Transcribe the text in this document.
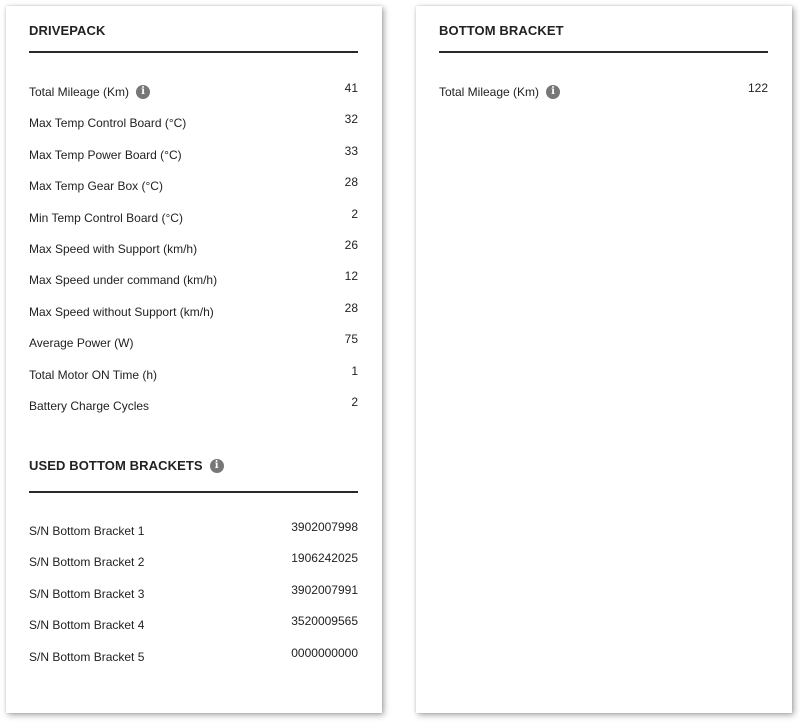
DRIVEPACK
Total Mileage (Km)	i	41
Max Temp Control Board (°C)	32
Max Temp Power Board (°C)	33
Max Temp Gear Box (°C)	28
Min Temp Control Board (°C)	2
Max Speed with Support (km/h)	26
Max Speed under command (km/h)	12
Max Speed without Support (km/h)	28
Average Power (W)	75
Total Motor ON Time (h)	1
Battery Charge Cycles	2
USED BOTTOM BRACKETS	i
S/N Bottom Bracket 1	3902007998
S/N Bottom Bracket 2	1906242025
S/N Bottom Bracket 3	3902007991
S/N Bottom Bracket 4	3520009565
S/N Bottom Bracket 5	0000000000
BOTTOM BRACKET
Total Mileage (Km)	i	122
